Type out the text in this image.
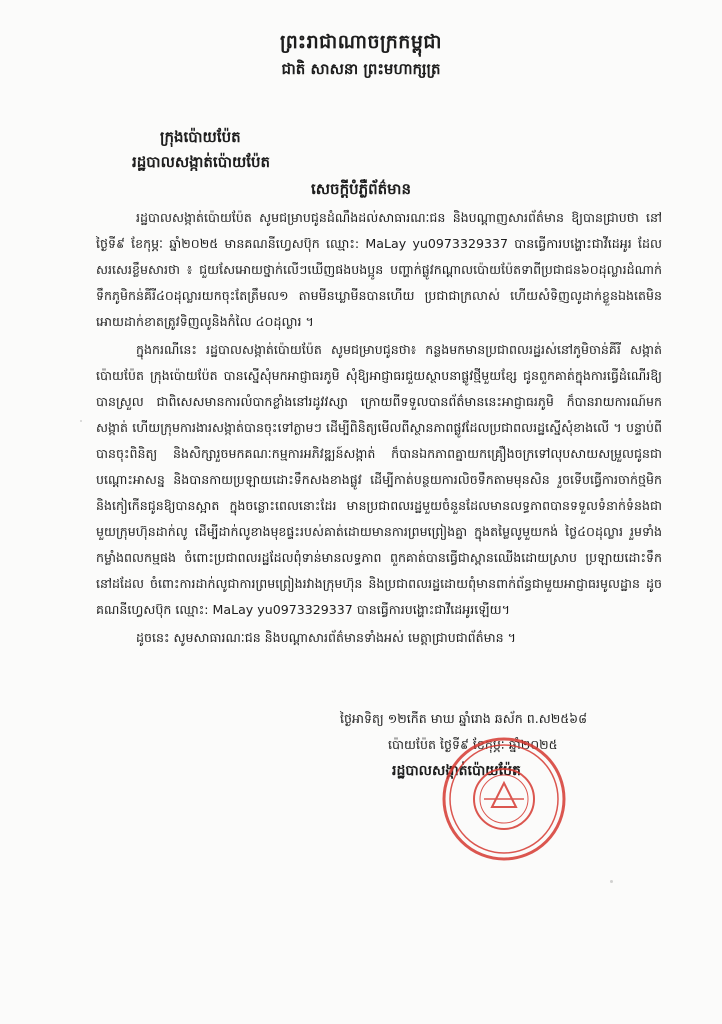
ព្រះរាជាណាចក្រកម្ពុជា
ជាតិ សាសនា ព្រះមហាក្សត្រ
ក្រុងប៉ោយប៉ែត
រដ្ឋបាលសង្កាត់ប៉ោយប៉ែត
សេចក្តីបំភ្លឺព័ត៌មាន

រដ្ឋបាលសង្កាត់ប៉ោយប៉ែត សូមជម្រាបជូនដំណឹងដល់សាធារណៈជន និងបណ្តាញសារព័ត៌មាន ឱ្យបានជ្រាបថា នៅថ្ងៃទី៩ ខែកុម្ភៈ ឆ្នាំ២០២៥ មានគណនីហ្វេសប៊ុក ឈ្មោះ: MaLay yu0973329337 បានធ្វើការបង្ហោះជាវីដេអូរ ដែលសរសេរខ្លឹមសារថា ៖ ជួយសែអោយថ្នាក់លើៗឃើញផងបងប្អូន បញ្ហាក់ផ្លូវកណ្តាលប៉ោយប៉ែតទាពីប្រជាជន៦០ដុល្លារដំណាក់ទឹកភូមិកន់គីរី៤០ដុល្លារយកចុះតែត្រឹមល១ តាមមីនឃ្លាមីនបានហើយ ប្រជាជាក្រលាស់ ហើយសំទិញលូដាក់ខ្លួនឯងតេមិនអោយដាក់ខាតត្រូវទិញលូនិងកំលៃ ៤០ដុល្លារ ។

ក្នុងករណីនេះ រដ្ឋបាលសង្កាត់ប៉ោយប៉ែត សូមជម្រាបជូនថា៖ កន្លងមកមានប្រជាពលរដ្ឋរស់នៅភូមិចាន់គីរី សង្កាត់ប៉ោយប៉ែត ក្រុងប៉ោយប៉ែត បានស្នើសុំមកអាជ្ញាធរភូមិ សុំឱ្យអាជ្ញាធរជួយស្ថាបនាផ្លូវថ្មីមួយខ្សែ ជូនពួកគាត់ក្នុងការធ្វើដំណើរឱ្យបានស្រួល ជាពិសេសមានការលំបាកខ្លាំងនៅរដូវវស្សា ក្រោយពីទទួលបានព័ត៌មាននេះអាជ្ញាធរភូមិ ក៏បានរាយការណ៍មកសង្កាត់ ហើយក្រុមការងារសង្កាត់បានចុះទៅភ្លាមៗ ដើម្បីពិនិត្យមើលពីស្ថានភាពផ្លូវដែលប្រជាពលរដ្ឋស្នើសុំខាងលើ ។ បន្ទាប់ពីបានចុះពិនិត្យ និងសិក្សារួចមកគណៈកម្មការអភិវឌ្ឍន៍សង្កាត់ ក៏បានឯកភាពគ្នាយកគ្រឿងចក្រទៅលុបសាយសម្រួលជូនជាបណ្តោះអាសន្ន និងបានកាយប្រឡាយដោះទឹកសងខាងផ្លូវ ដើម្បីកាត់បន្ថយការលិចទឹកតាមមុនសិន រួចទើបធ្វើការចាក់ថ្មមិក និងកៀកើនជូនឱ្យបានស្អាត ក្នុងចន្លោះពេលនោះដែរ មានប្រជាពលរដ្ឋមួយចំនួនដែលមានលទ្ធភាពបានទទួលទំនាក់ទំនងជាមួយក្រុមហ៊ុនដាក់លូ ដើម្បីដាក់លូខាងមុខផ្ទះរបស់គាត់ដោយមានការព្រមព្រៀងគ្នា ក្នុងតម្លៃលូមួយកង់ ថ្លៃ៤០ដុល្លារ រួមទាំងកម្លាំងពលកម្មផង ចំពោះប្រជាពលរដ្ឋដែលពុំទាន់មានលទ្ធភាព ពួកគាត់បានធ្វើជាស្ពានឈើងដោយស្រាប ប្រឡាយដោះទឹកនៅដដែល ចំពោះការដាក់លូជាការព្រមព្រៀងរវាងក្រុមហ៊ុន និងប្រជាពលរដ្ឋដោយពុំមានពាក់ព័ន្ធជាមួយអាជ្ញាធរមូលដ្ឋាន ដូចគណនីហ្វេសប៊ុក ឈ្មោះ: MaLay yu0973329337 បានធ្វើការបង្ហោះជាវីដេអូរឡើយ។

ដូចនេះ សូមសាធារណៈជន និងបណ្តាសារព័ត៌មានទាំងអស់ មេត្តាជ្រាបជាព័ត៌មាន ។

ថ្ងៃអាទិត្យ ១២កើត មាឃ ឆ្នាំរោង ឆស័ក ព.ស២៥៦៨
ប៉ោយប៉ែត ថ្ងៃទី៩ ខែកុម្ភៈ ឆ្នាំ២០២៥
រដ្ឋបាលសង្កាត់ប៉ោយប៉ែត
